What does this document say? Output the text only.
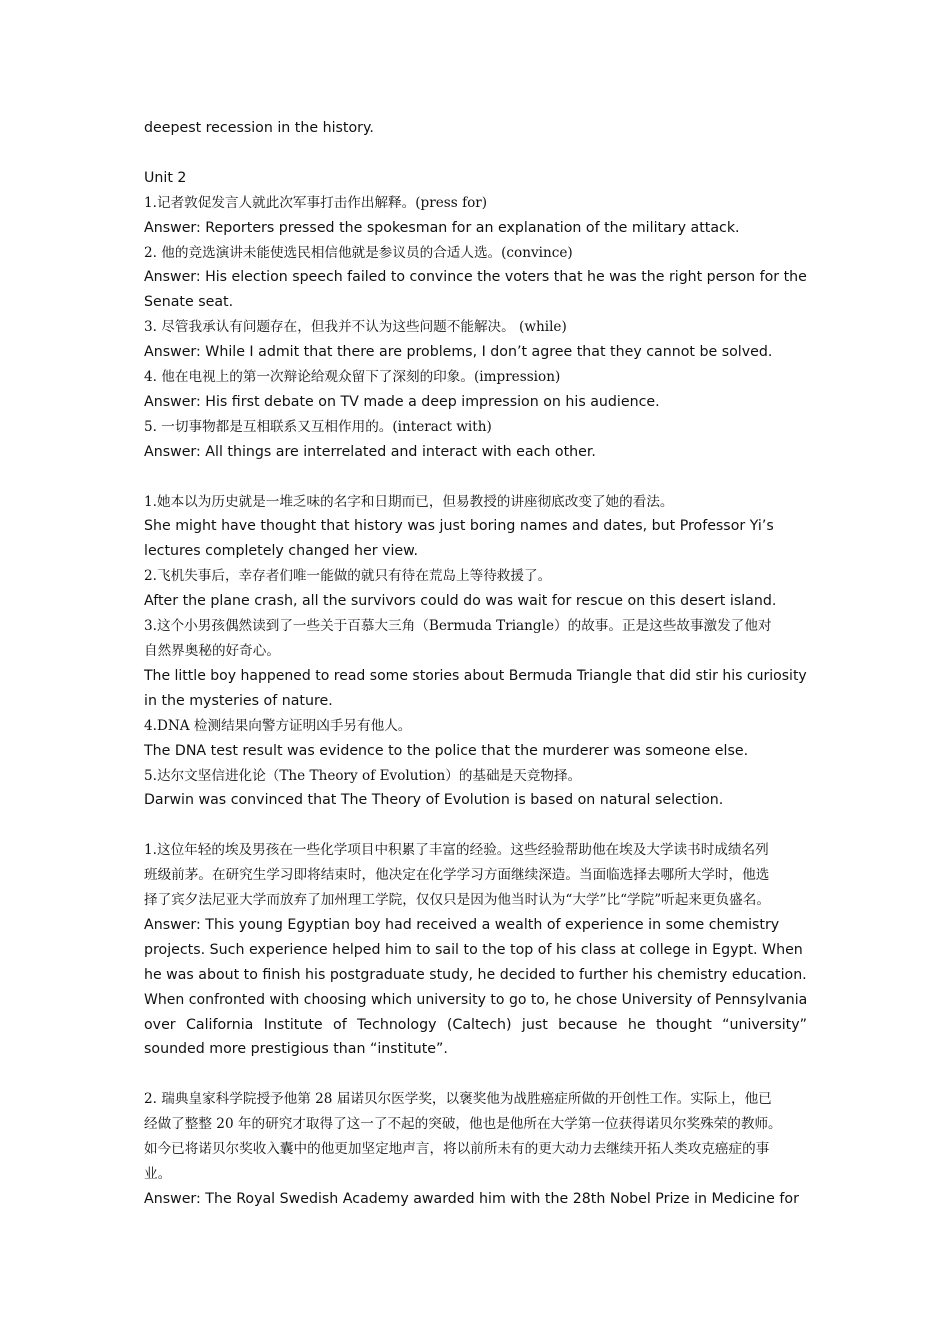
deepest recession in the history.
Unit 2
1.记者敦促发言人就此次军事打击作出解释。(press for)
Answer: Reporters pressed the spokesman for an explanation of the military attack.
2. 他的竞选演讲未能使选民相信他就是参议员的合适人选。(convince)
Answer: His election speech failed to convince the voters that he was the right person for the
Senate seat.
3. 尽管我承认有问题存在，但我并不认为这些问题不能解决。 (while)
Answer: While I admit that there are problems, I don’t agree that they cannot be solved.
4. 他在电视上的第一次辩论给观众留下了深刻的印象。(impression)
Answer: His first debate on TV made a deep impression on his audience.
5. 一切事物都是互相联系又互相作用的。(interact with)
Answer: All things are interrelated and interact with each other.
1.她本以为历史就是一堆乏味的名字和日期而已，但易教授的讲座彻底改变了她的看法。
She might have thought that history was just boring names and dates, but Professor Yi’s
lectures completely changed her view.
2.飞机失事后，幸存者们唯一能做的就只有待在荒岛上等待救援了。
After the plane crash, all the survivors could do was wait for rescue on this desert island.
3.这个小男孩偶然读到了一些关于百慕大三角（Bermuda Triangle）的故事。正是这些故事激发了他对
自然界奥秘的好奇心。
The little boy happened to read some stories about Bermuda Triangle that did stir his curiosity
in the mysteries of nature.
4.DNA 检测结果向警方证明凶手另有他人。
The DNA test result was evidence to the police that the murderer was someone else.
5.达尔文坚信进化论（The Theory of Evolution）的基础是天竞物择。
Darwin was convinced that The Theory of Evolution is based on natural selection.
1.这位年轻的埃及男孩在一些化学项目中积累了丰富的经验。这些经验帮助他在埃及大学读书时成绩名列
班级前茅。在研究生学习即将结束时，他决定在化学学习方面继续深造。当面临选择去哪所大学时，他选
择了宾夕法尼亚大学而放弃了加州理工学院，仅仅只是因为他当时认为“大学”比“学院”听起来更负盛名。
Answer: This young Egyptian boy had received a wealth of experience in some chemistry
projects. Such experience helped him to sail to the top of his class at college in Egypt. When
he was about to finish his postgraduate study, he decided to further his chemistry education.
When confronted with choosing which university to go to, he chose University of Pennsylvania
over California Institute of Technology (Caltech) just because he thought “university”
sounded more prestigious than “institute”.
2. 瑞典皇家科学院授予他第 28 届诺贝尔医学奖，以褒奖他为战胜癌症所做的开创性工作。实际上，他已
经做了整整 20 年的研究才取得了这一了不起的突破，他也是他所在大学第一位获得诺贝尔奖殊荣的教师。
如今已将诺贝尔奖收入囊中的他更加坚定地声言，将以前所未有的更大动力去继续开拓人类攻克癌症的事
业。
Answer: The Royal Swedish Academy awarded him with the 28th Nobel Prize in Medicine for
